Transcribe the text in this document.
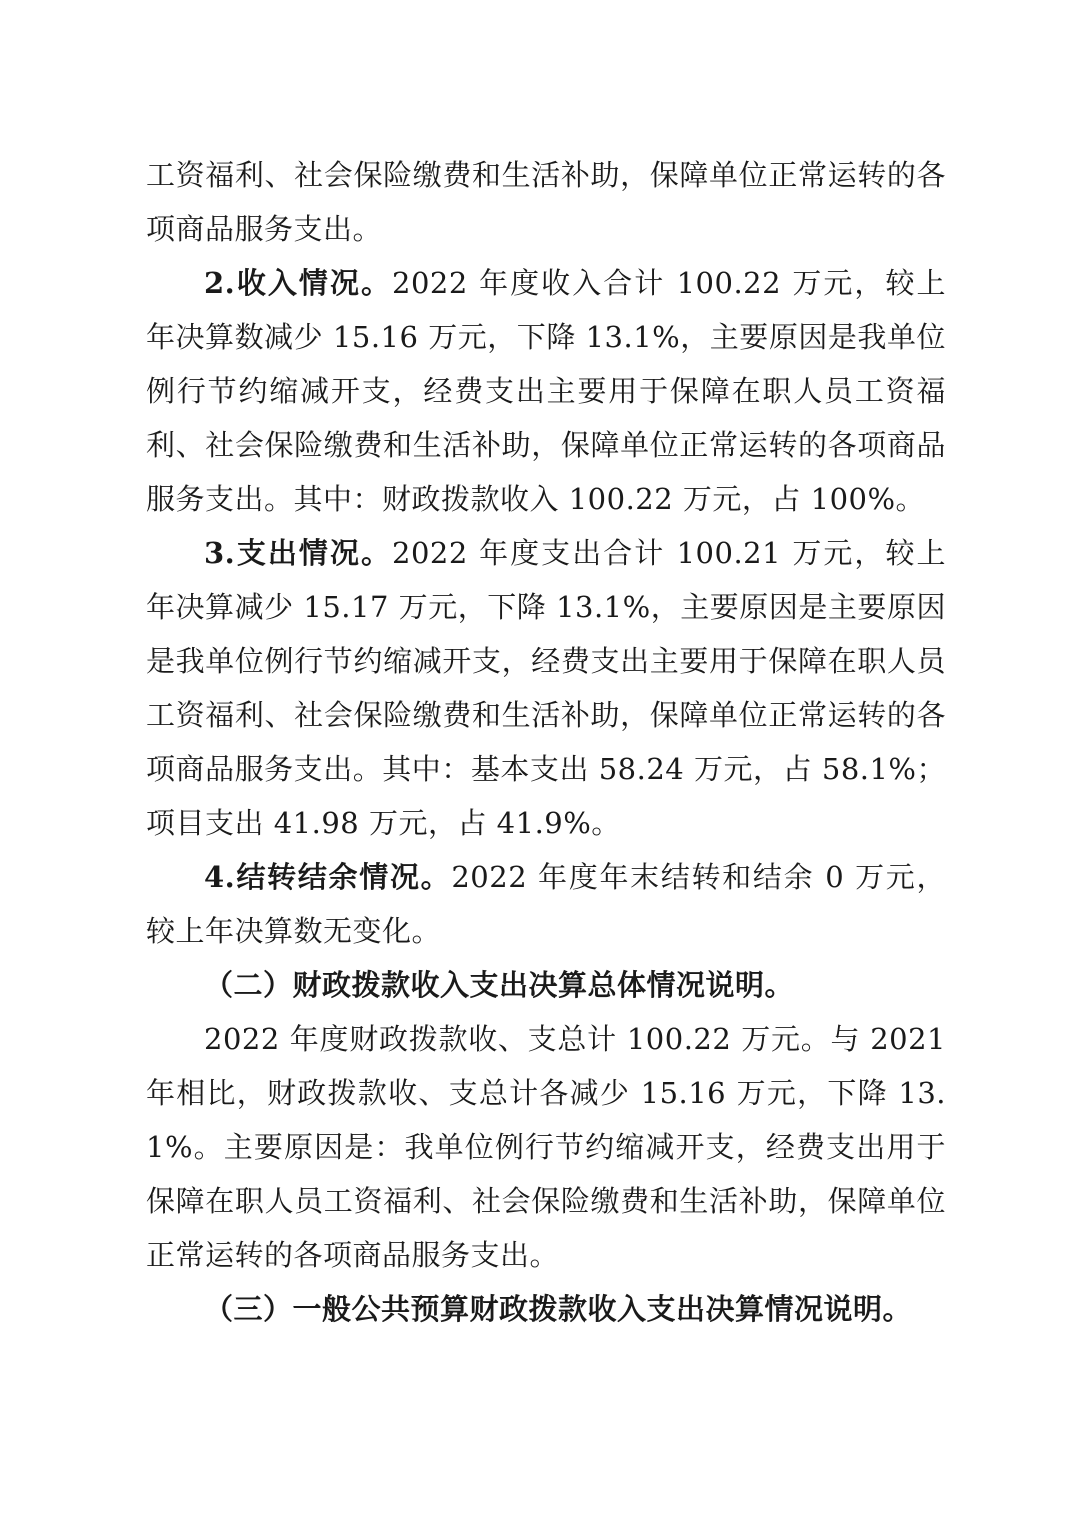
工资福利、社会保险缴费和生活补助，保障单位正常运转的各项商品服务支出。

2.收入情况。2022 年度收入合计 100.22 万元，较上年决算数减少 15.16 万元，下降 13.1%，主要原因是我单位例行节约缩减开支，经费支出主要用于保障在职人员工资福利、社会保险缴费和生活补助，保障单位正常运转的各项商品服务支出。其中：财政拨款收入 100.22 万元，占 100%。

3.支出情况。2022 年度支出合计 100.21 万元，较上年决算减少 15.17 万元，下降 13.1%，主要原因是主要原因是我单位例行节约缩减开支，经费支出主要用于保障在职人员工资福利、社会保险缴费和生活补助，保障单位正常运转的各项商品服务支出。其中：基本支出 58.24 万元，占 58.1%；项目支出 41.98 万元，占 41.9%。

4.结转结余情况。2022 年度年末结转和结余 0 万元，较上年决算数无变化。

（二）财政拨款收入支出决算总体情况说明。

2022 年度财政拨款收、支总计 100.22 万元。与 2021 年相比，财政拨款收、支总计各减少 15.16 万元，下降 13.1%。主要原因是：我单位例行节约缩减开支，经费支出用于保障在职人员工资福利、社会保险缴费和生活补助，保障单位正常运转的各项商品服务支出。

（三）一般公共预算财政拨款收入支出决算情况说明。
